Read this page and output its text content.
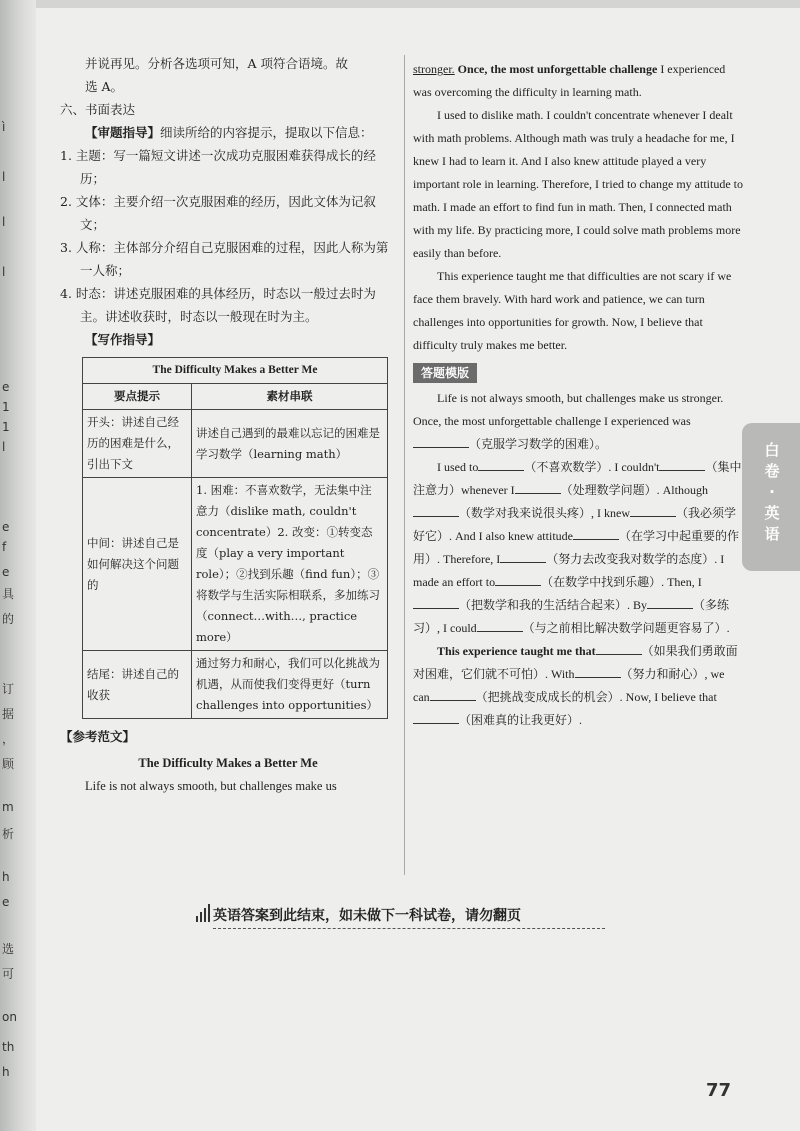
ì
l
l
l
e
1
1
l
e
f
e
具
的
订
据
，
顾
m
析
h
e
选
可
on
th
h

并说再见。分析各选项可知，A 项符合语境。故

选 A。

六、书面表达

【审题指导】细读所给的内容提示，提取以下信息：

1. 主题：写一篇短文讲述一次成功克服困难获得成长的经历；

2. 文体：主要介绍一次克服困难的经历，因此文体为记叙文；

3. 人称：主体部分介绍自己克服困难的过程，因此人称为第一人称；

4. 时态：讲述克服困难的具体经历，时态以一般过去时为主。讲述收获时，时态以一般现在时为主。

【写作指导】

The Difficulty Makes a Better Me	
要点提示	素材串联
开头：讲述自己经历的困难是什么，引出下文	讲述自己遇到的最难以忘记的困难是学习数学（learning math）
中间：讲述自己是如何解决这个问题的	1. 困难：不喜欢数学，无法集中注意力（dislike math, couldn't concentrate）2. 改变：①转变态度（play a very important role）；②找到乐趣（find fun）；③将数学与生活实际相联系，多加练习（connect…with…, practice more）
结尾：讲述自己的收获	通过努力和耐心，我们可以化挑战为机遇，从而使我们变得更好（turn challenges into opportunities）

【参考范文】

The Difficulty Makes a Better Me

Life is not always smooth, but challenges make us

stronger. Once, the most unforgettable challenge I experienced was overcoming the difficulty in learning math.

I used to dislike math. I couldn't concentrate whenever I dealt with math problems. Although math was truly a headache for me, I knew I had to learn it. And I also knew attitude played a very important role in learning. Therefore, I tried to change my attitude to math. I made an effort to find fun in math. Then, I connected math with my life. By practicing more, I could solve math problems more easily than before.

This experience taught me that difficulties are not scary if we face them bravely. With hard work and patience, we can turn challenges into opportunities for growth. Now, I believe that difficulty truly makes me better.

答题模版

Life is not always smooth, but challenges make us stronger. Once, the most unforgettable challenge I experienced was（克服学习数学的困难）。

I used to	（不喜欢数学）. I couldn't	（集中注意力）whenever I	（处理数学问题）. Although（数学对我来说很头疼）, I knew	（我必须学好它）. And I also knew attitude	（在学习中起重要的作用）. Therefore, I	（努力去改变我对数学的态度）. I made an effort to	（在数学中找到乐趣）. Then, I（把数学和我的生活结合起来）. By	（多练习）, I could	（与之前相比解决数学问题更容易了）.

This experience taught me that	（如果我们勇敢面对困难，它们就不可怕）. With	（努力和耐心）, we can	（把挑战变成成长的机会）. Now, I believe that（困难真的让我更好）.

白卷·英语
英语答案到此结束，如未做下一科试卷，请勿翻页
77
